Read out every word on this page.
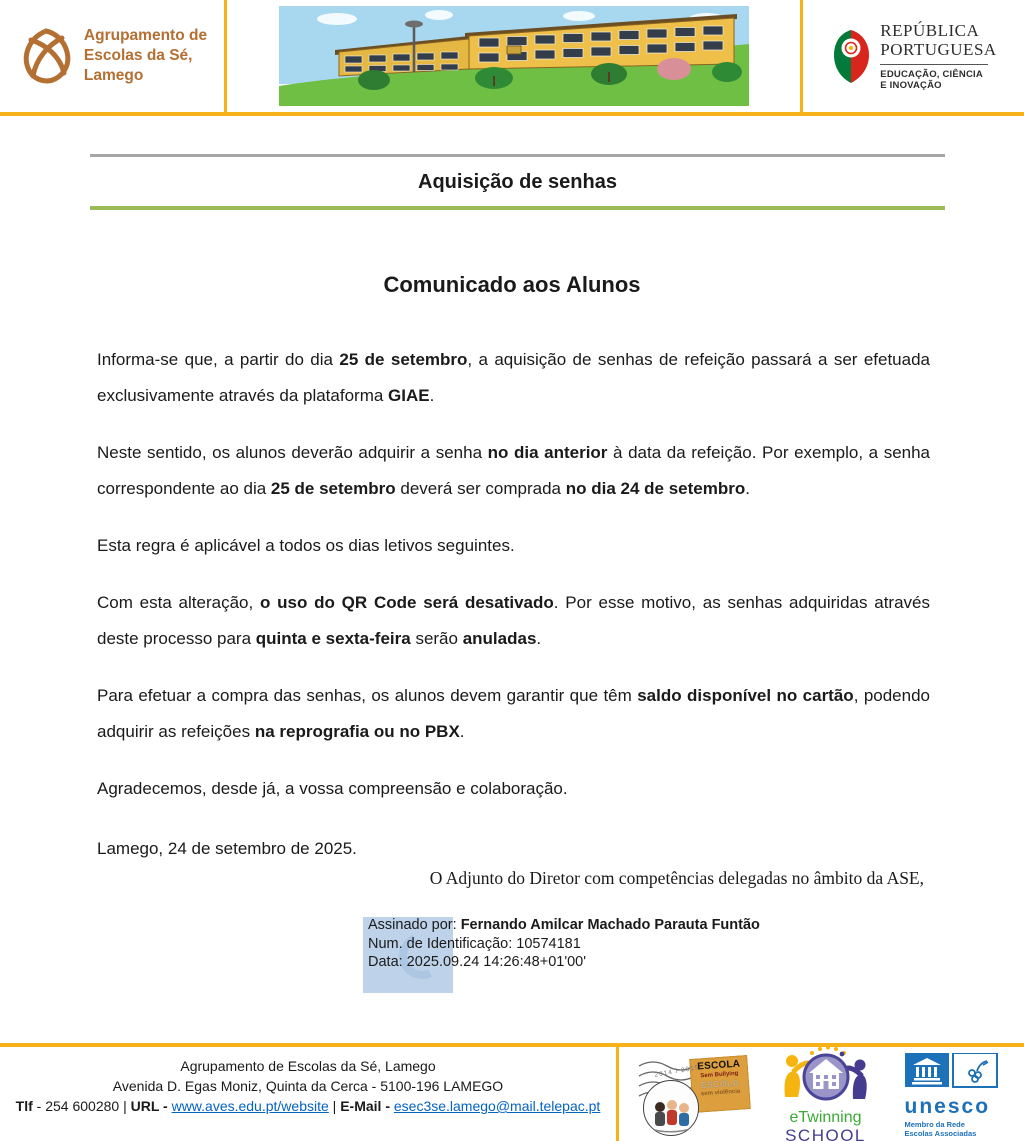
Agrupamento de
Escolas da Sé,
Lamego
REPÚBLICA
PORTUGUESA
EDUCAÇÃO, CIÊNCIA
E INOVAÇÃO
Aquisição de senhas
Comunicado aos Alunos

Informa-se que, a partir do dia 25 de setembro, a aquisição de senhas de refeição passará a ser efetuada exclusivamente através da plataforma GIAE.

Neste sentido, os alunos deverão adquirir a senha no dia anterior à data da refeição. Por exemplo, a senha correspondente ao dia 25 de setembro deverá ser comprada no dia 24 de setembro.

Esta regra é aplicável a todos os dias letivos seguintes.

Com esta alteração, o uso do QR Code será desativado. Por esse motivo, as senhas adquiridas através deste processo para quinta e sexta-feira serão anuladas.

Para efetuar a compra das senhas, os alunos devem garantir que têm saldo disponível no cartão, podendo adquirir as refeições na reprografia ou no PBX.

Agradecemos, desde já, a vossa compreensão e colaboração.

Lamego, 24 de setembro de 2025.

O Adjunto do Diretor com competências delegadas no âmbito da ASE,
Assinado por: Fernando Amilcar Machado Parauta Funtão
Num. de Identificação: 10574181
Data: 2025.09.24 14:26:48+01'00'
Agrupamento de Escolas da Sé, Lamego
Avenida D. Egas Moniz, Quinta da Cerca - 5100-196 LAMEGO
Tlf - 254 600280 | URL - www.aves.edu.pt/website | E-Mail - esec3se.lamego@mail.telepac.pt
ESCOLA
Sem Bullying
ESCOLA
sem violência
2014 / 2015
eTwinning
SCHOOL
unesco
Membro da Rede
Escolas Associadas
